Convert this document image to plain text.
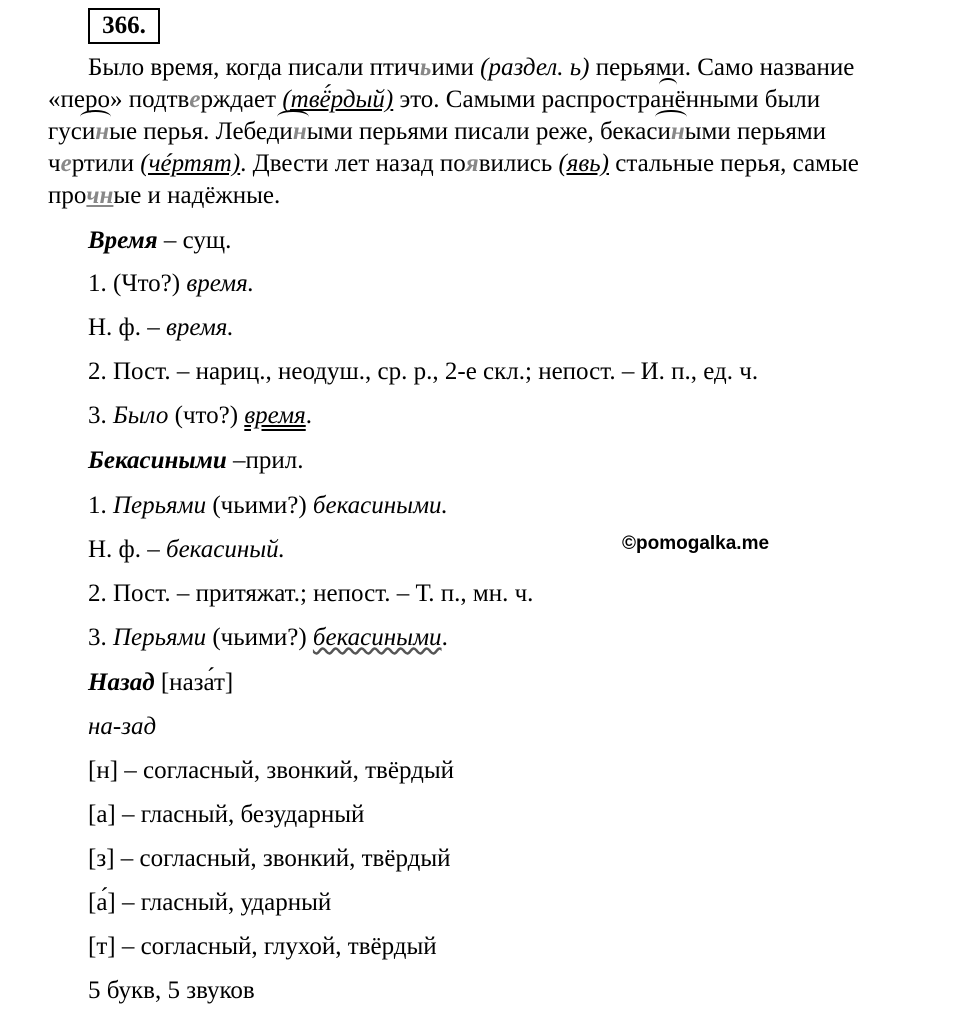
366.
Было время, когда писали птичьими (раздел. ь) перьями. Само название
«перо» подтверждает (твё́рдый) это. Самыми распространёнными были
гусиные перья. Лебедиными перьями писали реже, бекасиными перьями
чертили (чéртят). Двести лет назад появились (явь) стальные перья, самые
прочные и надёжные.
Время – сущ.
1. (Что?) время.
Н. ф. – время.
2. Пост. – нариц., неодуш., ср. р., 2-е скл.; непост. – И. п., ед. ч.
3. Было (что?) время.
Бекасиными –прил.
1. Перьями (чьими?) бекасиными.
Н. ф. – бекасиный.
2. Пост. – притяжат.; непост. – Т. п., мн. ч.
3. Перьями (чьими?) бекасиными.
©pomogalka.me
Назад [наза́т]
на-зад
[н] – согласный, звонкий, твёрдый
[а] – гласный, безударный
[з] – согласный, звонкий, твёрдый
[а́] – гласный, ударный
[т] – согласный, глухой, твёрдый
5 букв, 5 звуков
